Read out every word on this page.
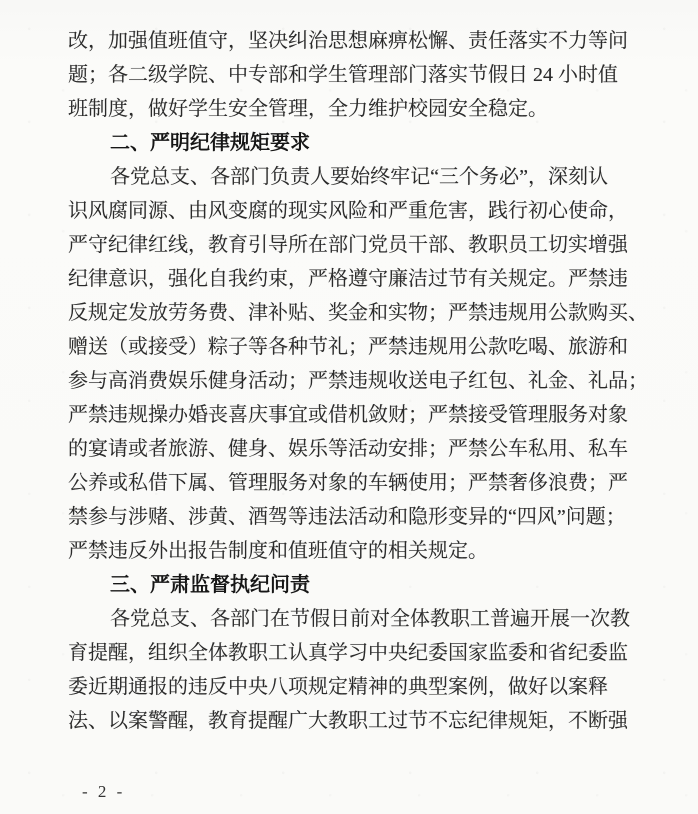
改，加强值班值守，坚决纠治思想麻痹松懈、责任落实不力等问
题；各二级学院、中专部和学生管理部门落实节假日 24 小时值
班制度，做好学生安全管理，全力维护校园安全稳定。
二、严明纪律规矩要求
各党总支、各部门负责人要始终牢记“三个务必”，深刻认
识风腐同源、由风变腐的现实风险和严重危害，践行初心使命，
严守纪律红线，教育引导所在部门党员干部、教职员工切实增强
纪律意识，强化自我约束，严格遵守廉洁过节有关规定。严禁违
反规定发放劳务费、津补贴、奖金和实物；严禁违规用公款购买、
赠送（或接受）粽子等各种节礼；严禁违规用公款吃喝、旅游和
参与高消费娱乐健身活动；严禁违规收送电子红包、礼金、礼品；
严禁违规操办婚丧喜庆事宜或借机敛财；严禁接受管理服务对象
的宴请或者旅游、健身、娱乐等活动安排；严禁公车私用、私车
公养或私借下属、管理服务对象的车辆使用；严禁奢侈浪费；严
禁参与涉赌、涉黄、酒驾等违法活动和隐形变异的“四风”问题；
严禁违反外出报告制度和值班值守的相关规定。
三、严肃监督执纪问责
各党总支、各部门在节假日前对全体教职工普遍开展一次教
育提醒，组织全体教职工认真学习中央纪委国家监委和省纪委监
委近期通报的违反中央八项规定精神的典型案例，做好以案释
法、以案警醒，教育提醒广大教职工过节不忘纪律规矩，不断强
- 2 -
